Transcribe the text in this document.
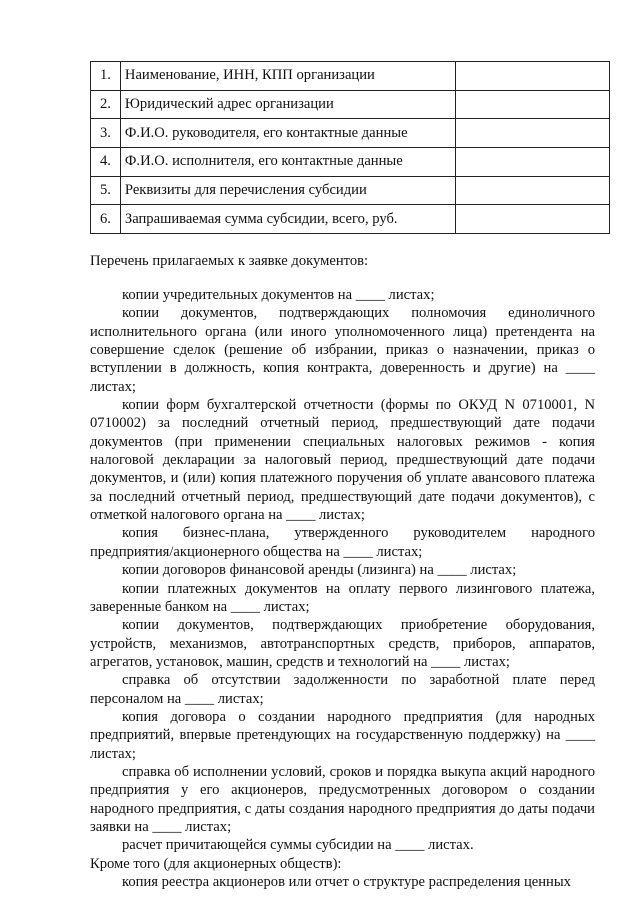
1.	Наименование, ИНН, КПП организации	
2.	Юридический адрес организации	
3.	Ф.И.О. руководителя, его контактные данные	
4.	Ф.И.О. исполнителя, его контактные данные	
5.	Реквизиты для перечисления субсидии	
6.	Запрашиваемая сумма субсидии, всего, руб.	
Перечень прилагаемых к заявке документов:

копии учредительных документов на ____ листах;

копии документов, подтверждающих полномочия единоличного исполнительного органа (или иного уполномоченного лица) претендента на совершение сделок (решение об избрании, приказ о назначении, приказ о вступлении в должность, копия контракта, доверенность и другие) на ____ листах;

копии форм бухгалтерской отчетности (формы по ОКУД N 0710001, N 0710002) за последний отчетный период, предшествующий дате подачи документов (при применении специальных налоговых режимов - копия налоговой декларации за налоговый период, предшествующий дате подачи документов, и (или) копия платежного поручения об уплате авансового платежа за последний отчетный период, предшествующий дате подачи документов), с отметкой налогового органа на ____ листах;

копия бизнес-плана, утвержденного руководителем народного предприятия/акционерного общества на ____ листах;

копии договоров финансовой аренды (лизинга) на ____ листах;

копии платежных документов на оплату первого лизингового платежа, заверенные банком на ____ листах;

копии документов, подтверждающих приобретение оборудования, устройств, механизмов, автотранспортных средств, приборов, аппаратов, агрегатов, установок, машин, средств и технологий на ____ листах;

справка об отсутствии задолженности по заработной плате перед персоналом на ____ листах;

копия договора о создании народного предприятия (для народных предприятий, впервые претендующих на государственную поддержку) на ____ листах;

справка об исполнении условий, сроков и порядка выкупа акций народного предприятия у его акционеров, предусмотренных договором о создании народного предприятия, с даты создания народного предприятия до даты подачи заявки на ____ листах;

расчет причитающейся суммы субсидии на ____ листах.

Кроме того (для акционерных обществ):

копия реестра акционеров или отчет о структуре распределения ценных
